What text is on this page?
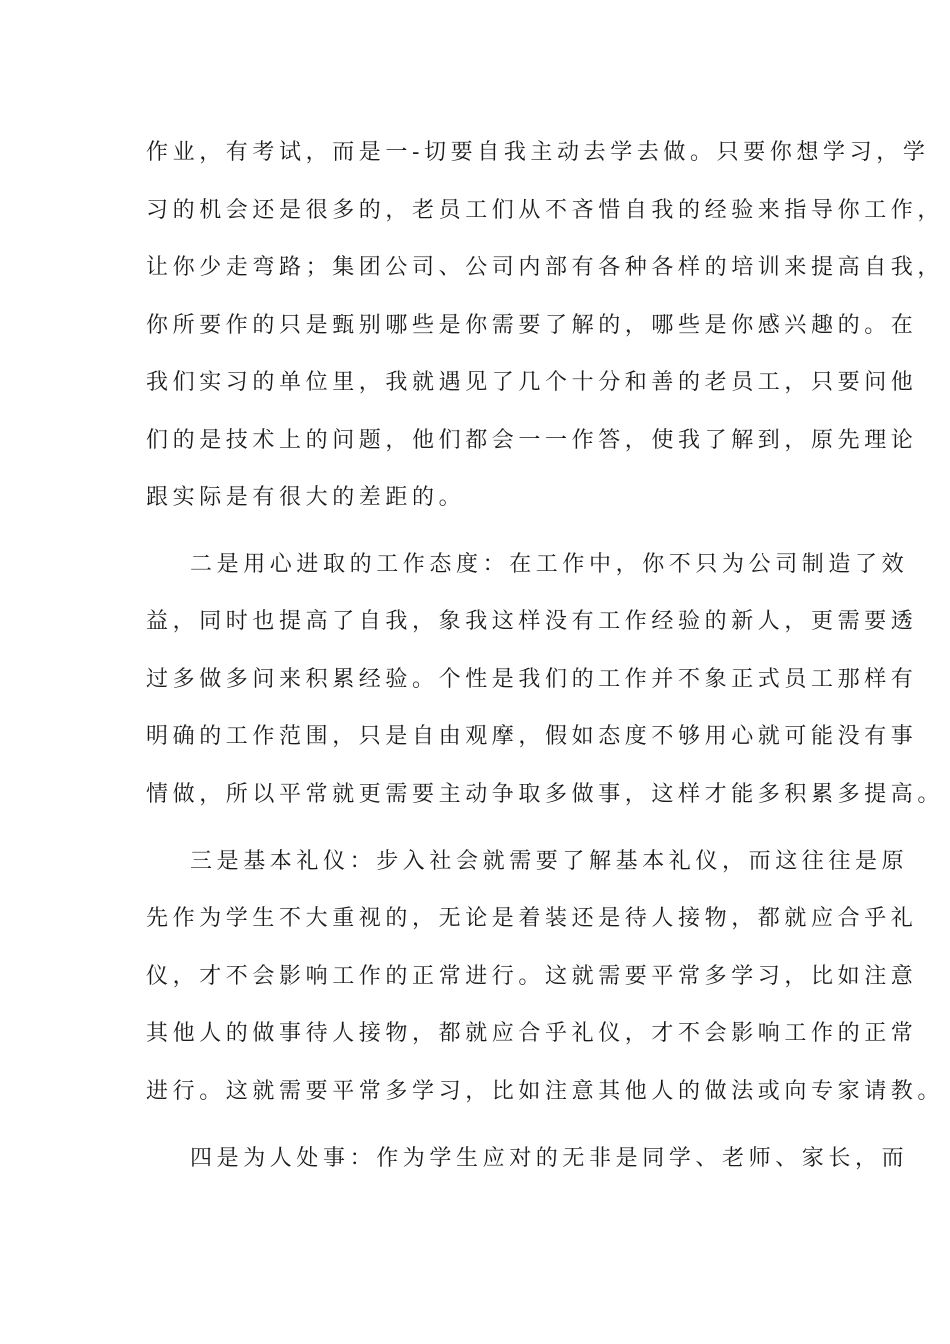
作业，有考试，而是一-切要自我主动去学去做。只要你想学习，学

习的机会还是很多的，老员工们从不吝惜自我的经验来指导你工作，

让你少走弯路；集团公司、公司内部有各种各样的培训来提高自我，

你所要作的只是甄别哪些是你需要了解的，哪些是你感兴趣的。在

我们实习的单位里，我就遇见了几个十分和善的老员工，只要问他

们的是技术上的问题，他们都会一一作答，使我了解到，原先理论

跟实际是有很大的差距的。

二是用心进取的工作态度：在工作中，你不只为公司制造了效

益，同时也提高了自我，象我这样没有工作经验的新人，更需要透

过多做多问来积累经验。个性是我们的工作并不象正式员工那样有

明确的工作范围，只是自由观摩，假如态度不够用心就可能没有事

情做，所以平常就更需要主动争取多做事，这样才能多积累多提高。

三是基本礼仪：步入社会就需要了解基本礼仪，而这往往是原

先作为学生不大重视的，无论是着装还是待人接物，都就应合乎礼

仪，才不会影响工作的正常进行。这就需要平常多学习，比如注意

其他人的做事待人接物，都就应合乎礼仪，才不会影响工作的正常

进行。这就需要平常多学习，比如注意其他人的做法或向专家请教。

四是为人处事：作为学生应对的无非是同学、老师、家长，而
